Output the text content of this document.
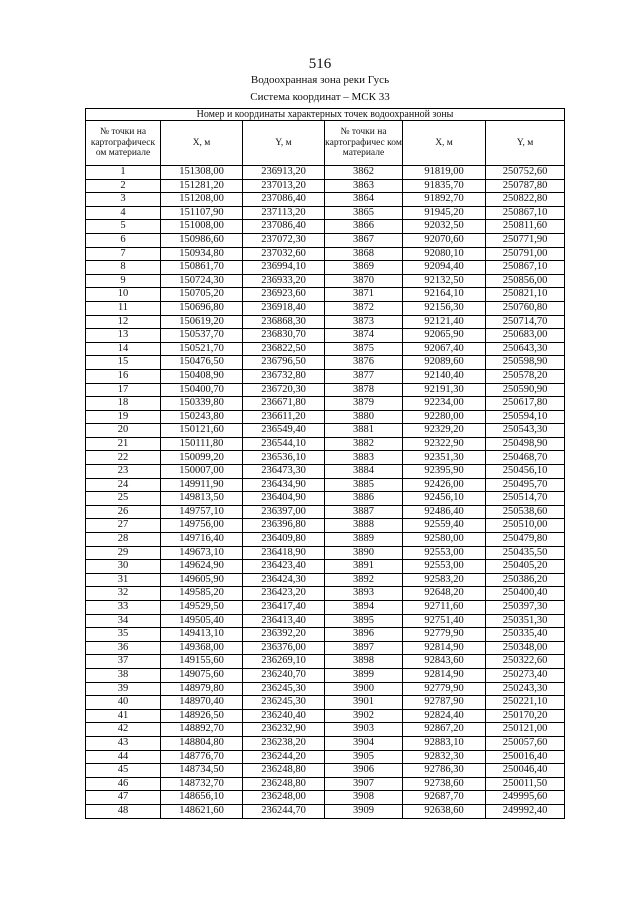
516
Водоохранная зона реки Гусь
Система координат – МСК 33
Номер и координаты характерных точек водоохранной зоны					
№ точки на картографическ ом материале	X, м	Y, м	№ точки на картографичес ком материале	X, м	Y, м
1	151308,00	236913,20	3862	91819,00	250752,60
2	151281,20	237013,20	3863	91835,70	250787,80
3	151208,00	237086,40	3864	91892,70	250822,80
4	151107,90	237113,20	3865	91945,20	250867,10
5	151008,00	237086,40	3866	92032,50	250811,60
6	150986,60	237072,30	3867	92070,60	250771,90
7	150934,80	237032,60	3868	92080,10	250791,00
8	150861,70	236994,10	3869	92094,40	250867,10
9	150724,30	236933,20	3870	92132,50	250856,00
10	150705,20	236923,60	3871	92164,10	250821,10
11	150696,80	236918,40	3872	92156,30	250760,80
12	150619,20	236868,30	3873	92121,40	250714,70
13	150537,70	236830,70	3874	92065,90	250683,00
14	150521,70	236822,50	3875	92067,40	250643,30
15	150476,50	236796,50	3876	92089,60	250598,90
16	150408,90	236732,80	3877	92140,40	250578,20
17	150400,70	236720,30	3878	92191,30	250590,90
18	150339,80	236671,80	3879	92234,00	250617,80
19	150243,80	236611,20	3880	92280,00	250594,10
20	150121,60	236549,40	3881	92329,20	250543,30
21	150111,80	236544,10	3882	92322,90	250498,90
22	150099,20	236536,10	3883	92351,30	250468,70
23	150007,00	236473,30	3884	92395,90	250456,10
24	149911,90	236434,90	3885	92426,00	250495,70
25	149813,50	236404,90	3886	92456,10	250514,70
26	149757,10	236397,00	3887	92486,40	250538,60
27	149756,00	236396,80	3888	92559,40	250510,00
28	149716,40	236409,80	3889	92580,00	250479,80
29	149673,10	236418,90	3890	92553,00	250435,50
30	149624,90	236423,40	3891	92553,00	250405,20
31	149605,90	236424,30	3892	92583,20	250386,20
32	149585,20	236423,20	3893	92648,20	250400,40
33	149529,50	236417,40	3894	92711,60	250397,30
34	149505,40	236413,40	3895	92751,40	250351,30
35	149413,10	236392,20	3896	92779,90	250335,40
36	149368,00	236376,00	3897	92814,90	250348,00
37	149155,60	236269,10	3898	92843,60	250322,60
38	149075,60	236240,70	3899	92814,90	250273,40
39	148979,80	236245,30	3900	92779,90	250243,30
40	148970,40	236245,30	3901	92787,90	250221,10
41	148926,50	236240,40	3902	92824,40	250170,20
42	148892,70	236232,90	3903	92867,20	250121,00
43	148804,80	236238,20	3904	92883,10	250057,60
44	148776,70	236244,20	3905	92832,30	250016,40
45	148734,50	236248,80	3906	92786,30	250046,40
46	148732,70	236248,80	3907	92738,60	250011,50
47	148656,10	236248,00	3908	92687,70	249995,60
48	148621,60	236244,70	3909	92638,60	249992,40
